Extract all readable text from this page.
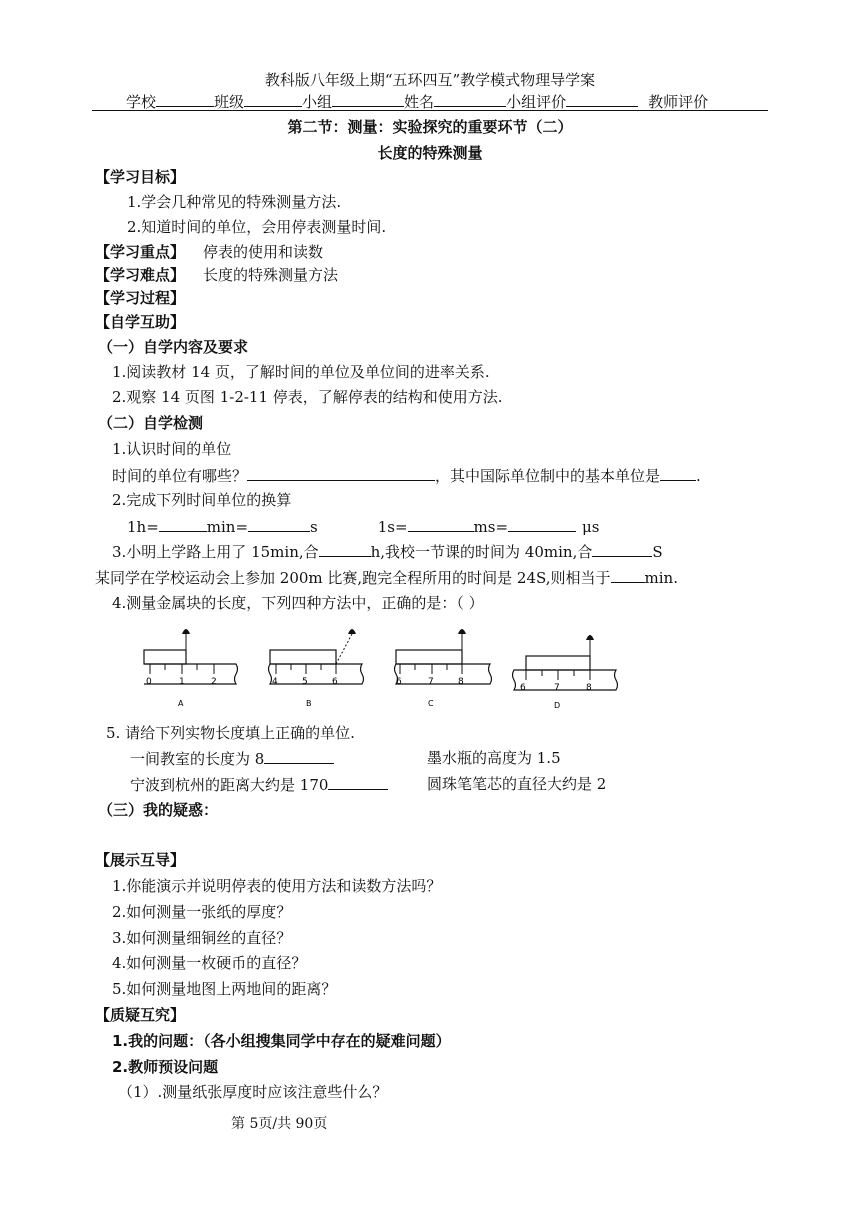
教科版八年级上期“五环四互”教学模式物理导学案
学校	班级	小组	姓名	小组评价	教师评价
第二节：测量：实验探究的重要环节（二）
长度的特殊测量
【学习目标】
1.学会几种常见的特殊测量方法.
2.知道时间的单位，会用停表测量时间.
【学习重点】 停表的使用和读数
【学习难点】 长度的特殊测量方法
【学习过程】
【自学互助】
（一）自学内容及要求
1.阅读教材 14 页，了解时间的单位及单位间的进率关系.
2.观察 14 页图 1-2-11 停表，了解停表的结构和使用方法.
（二）自学检测
1.认识时间的单位
时间的单位有哪些？	，其中国际单位制中的基本单位是 .
2.完成下列时间单位的换算
1h=	min=	s	1s=	ms=	μs
3.小明上学路上用了 15min,合	h,我校一节课的时间为 40min,合	S
某同学在学校运动会上参加 200m 比赛,跑完全程所用的时间是 24S,则相当于 min.
4.测量金属块的长度，下列四种方法中，正确的是：（ ）
0	1	2
A
4	5	6
B
6	7	8
C
6	7	8
D
5. 请给下列实物长度填上正确的单位.
一间教室的长度为 8	墨水瓶的高度为 1.5
宁波到杭州的距离大约是 170	圆珠笔笔芯的直径大约是 2
（三）我的疑惑：
【展示互导】
1.你能演示并说明停表的使用方法和读数方法吗？
2.如何测量一张纸的厚度？
3.如何测量细铜丝的直径？
4.如何测量一枚硬币的直径？
5.如何测量地图上两地间的距离？
【质疑互究】
1.我的问题：（各小组搜集同学中存在的疑难问题）
2.教师预设问题
（1）.测量纸张厚度时应该注意些什么？
第 5页/共 90页
